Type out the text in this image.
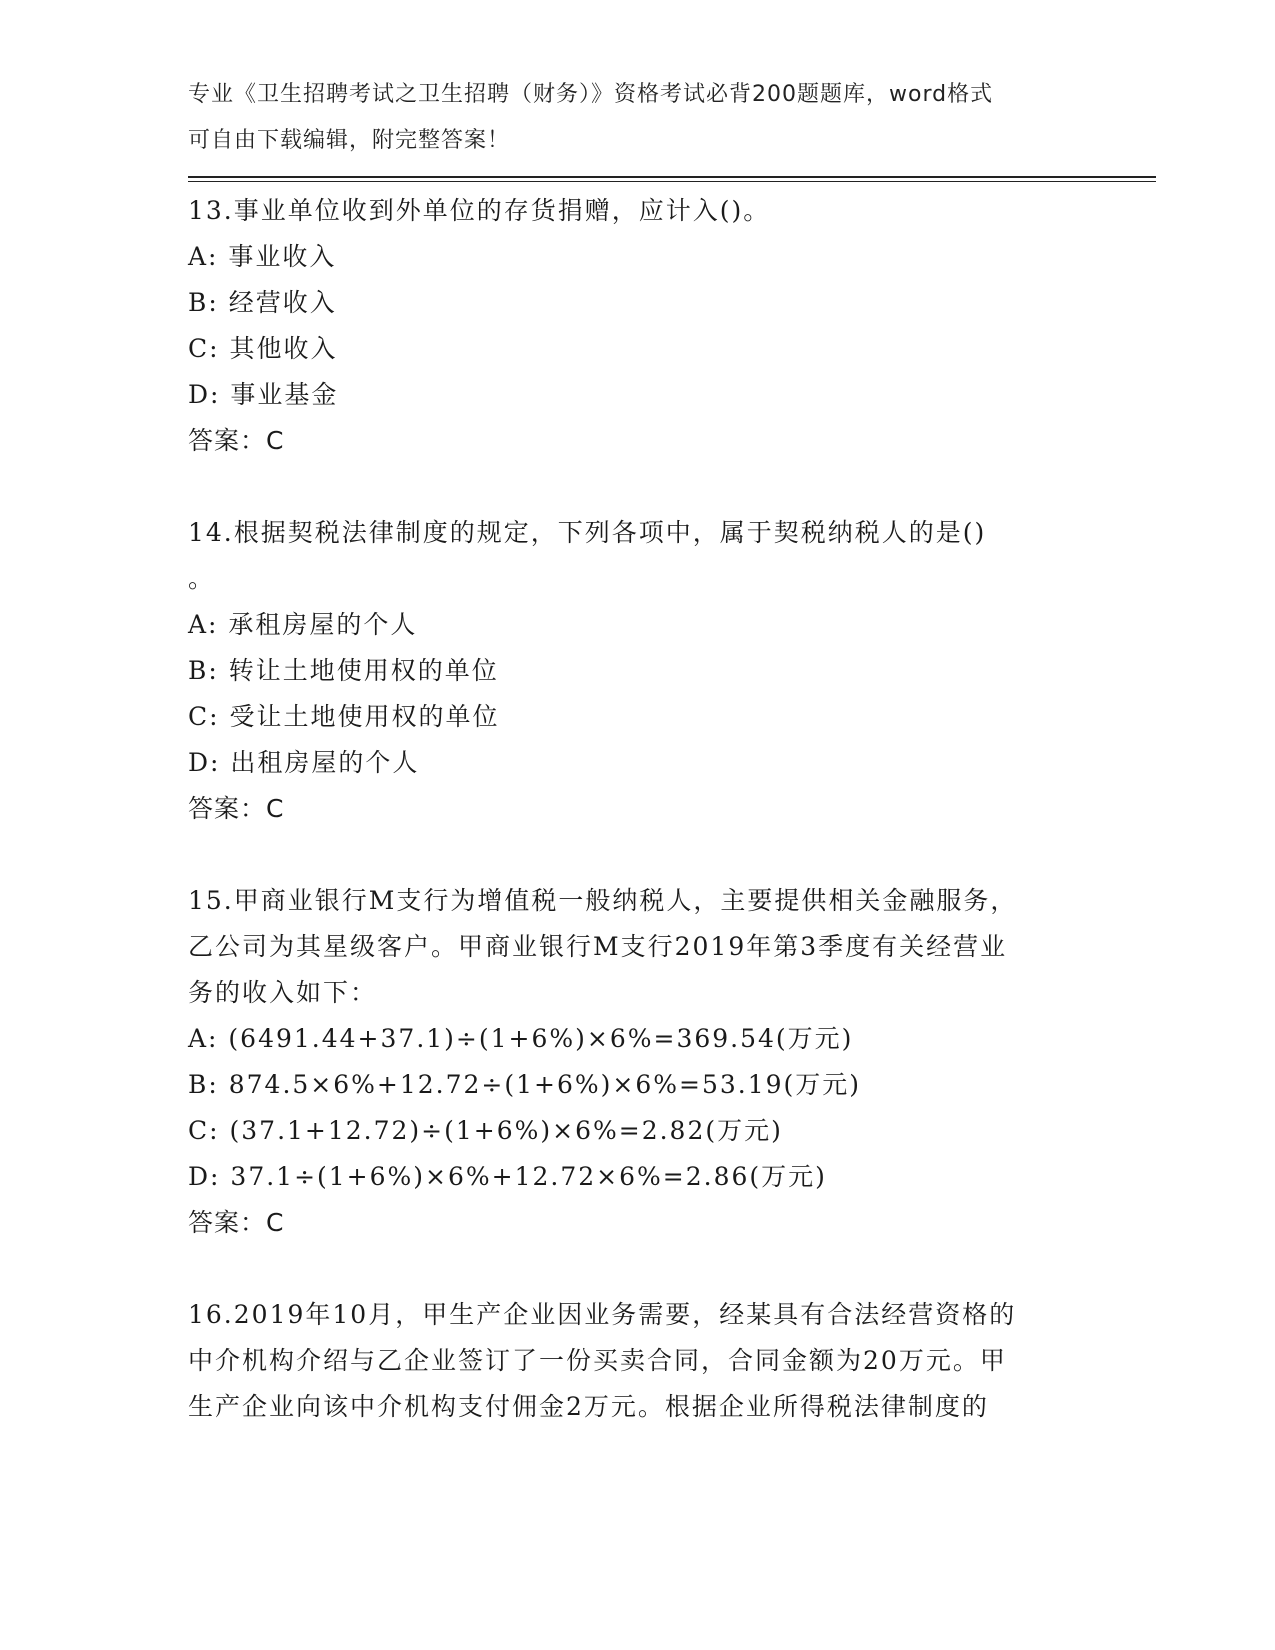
专业《卫生招聘考试之卫生招聘（财务）》资格考试必背200题题库，word格式
可自由下载编辑，附完整答案！
13.事业单位收到外单位的存货捐赠，应计入()。
A: 事业收入
B: 经营收入
C: 其他收入
D: 事业基金
答案：C
14.根据契税法律制度的规定，下列各项中，属于契税纳税人的是()
。
A: 承租房屋的个人
B: 转让土地使用权的单位
C: 受让土地使用权的单位
D: 出租房屋的个人
答案：C
15.甲商业银行M支行为增值税一般纳税人，主要提供相关金融服务，
乙公司为其星级客户。甲商业银行M支行2019年第3季度有关经营业
务的收入如下：
A: (6491.44+37.1)÷(1+6%)×6%=369.54(万元)
B: 874.5×6%+12.72÷(1+6%)×6%=53.19(万元)
C: (37.1+12.72)÷(1+6%)×6%=2.82(万元)
D: 37.1÷(1+6%)×6%+12.72×6%=2.86(万元)
答案：C
16.2019年10月，甲生产企业因业务需要，经某具有合法经营资格的
中介机构介绍与乙企业签订了一份买卖合同，合同金额为20万元。甲
生产企业向该中介机构支付佣金2万元。根据企业所得税法律制度的
